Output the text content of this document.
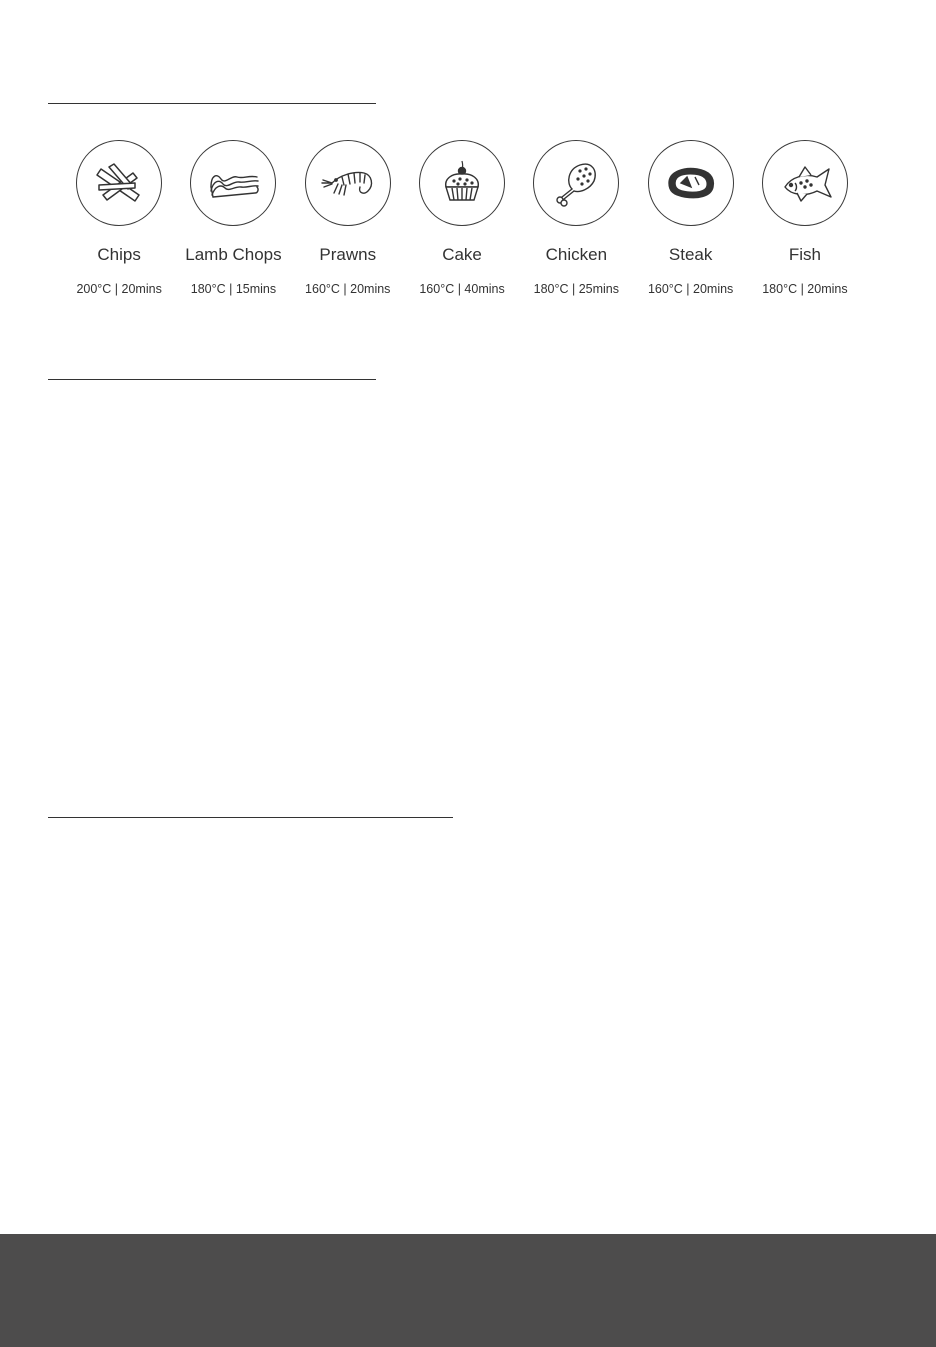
Chips
200°C | 20mins
Lamb Chops
180°C | 15mins
Prawns
160°C | 20mins
Cake
160°C | 40mins
Chicken
180°C | 25mins
Steak
160°C | 20mins
Fish
180°C | 20mins
